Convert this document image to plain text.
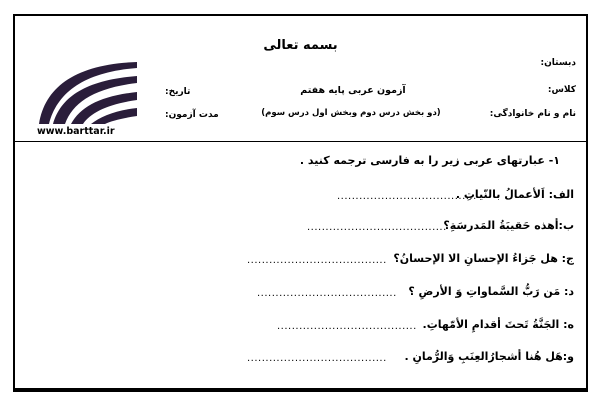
بسمه تعالی
دبستان:
کلاس:
نام و نام خانوادگی:
آزمون عربی پایه هفتم
(دو بخش درس دوم وبخش اول درس سوم)
تاریخ:
مدت آزمون:
www.barttar.ir
۱- عبارتهای عربی زیر را به فارسی ترجمه کنید .
الف: اَلأعمالُ بالنّیاتِ .
......................................
ب:أهذه حَقیبَةُ المَدرسَةِ؟
......................................
ج: هل جَزاءُ الإحسانِ الا الإحسانُ؟
......................................
د: مَن رَبُّ السَّماواتِ وَ الأرضِ ؟
......................................
ه: الجَنَّةُ تَحتَ أقدامِ الأمّهاتِ.
......................................
و:هَل هُنا أشجارُالعِنَبِ وَالرُّمانِ .
......................................
